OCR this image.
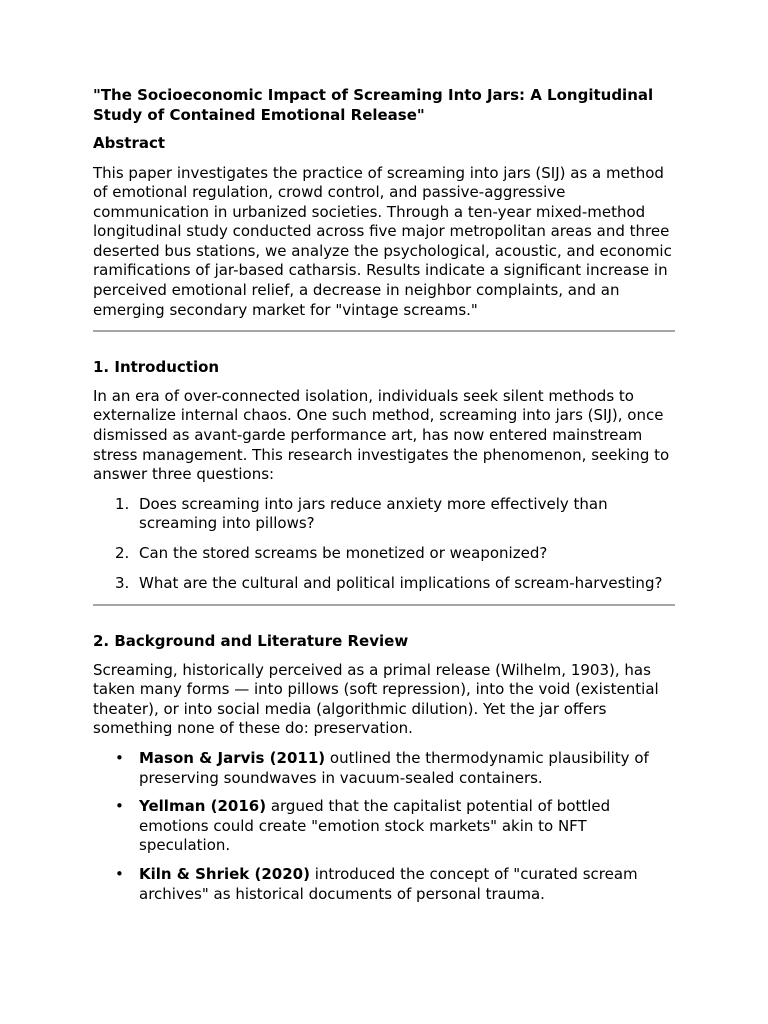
"The Socioeconomic Impact of Screaming Into Jars: A Longitudinal Study of Contained Emotional Release"
Abstract

This paper investigates the practice of screaming into jars (SIJ) as a method of emotional regulation, crowd control, and passive-aggressive communication in urbanized societies. Through a ten-year mixed-method longitudinal study conducted across five major metropolitan areas and three deserted bus stations, we analyze the psychological, acoustic, and economic ramifications of jar-based catharsis. Results indicate a significant increase in perceived emotional relief, a decrease in neighbor complaints, and an emerging secondary market for "vintage screams."

1. Introduction

In an era of over-connected isolation, individuals seek silent methods to externalize internal chaos. One such method, screaming into jars (SIJ), once dismissed as avant-garde performance art, has now entered mainstream stress management. This research investigates the phenomenon, seeking to answer three questions:

1. Does screaming into jars reduce anxiety more effectively than screaming into pillows?
2. Can the stored screams be monetized or weaponized?
3. What are the cultural and political implications of scream-harvesting?
2. Background and Literature Review

Screaming, historically perceived as a primal release (Wilhelm, 1903), has taken many forms — into pillows (soft repression), into the void (existential theater), or into social media (algorithmic dilution). Yet the jar offers something none of these do: preservation.

• Mason & Jarvis (2011) outlined the thermodynamic plausibility of preserving soundwaves in vacuum-sealed containers.
• Yellman (2016) argued that the capitalist potential of bottled emotions could create "emotion stock markets" akin to NFT speculation.
• Kiln & Shriek (2020) introduced the concept of "curated scream archives" as historical documents of personal trauma.
